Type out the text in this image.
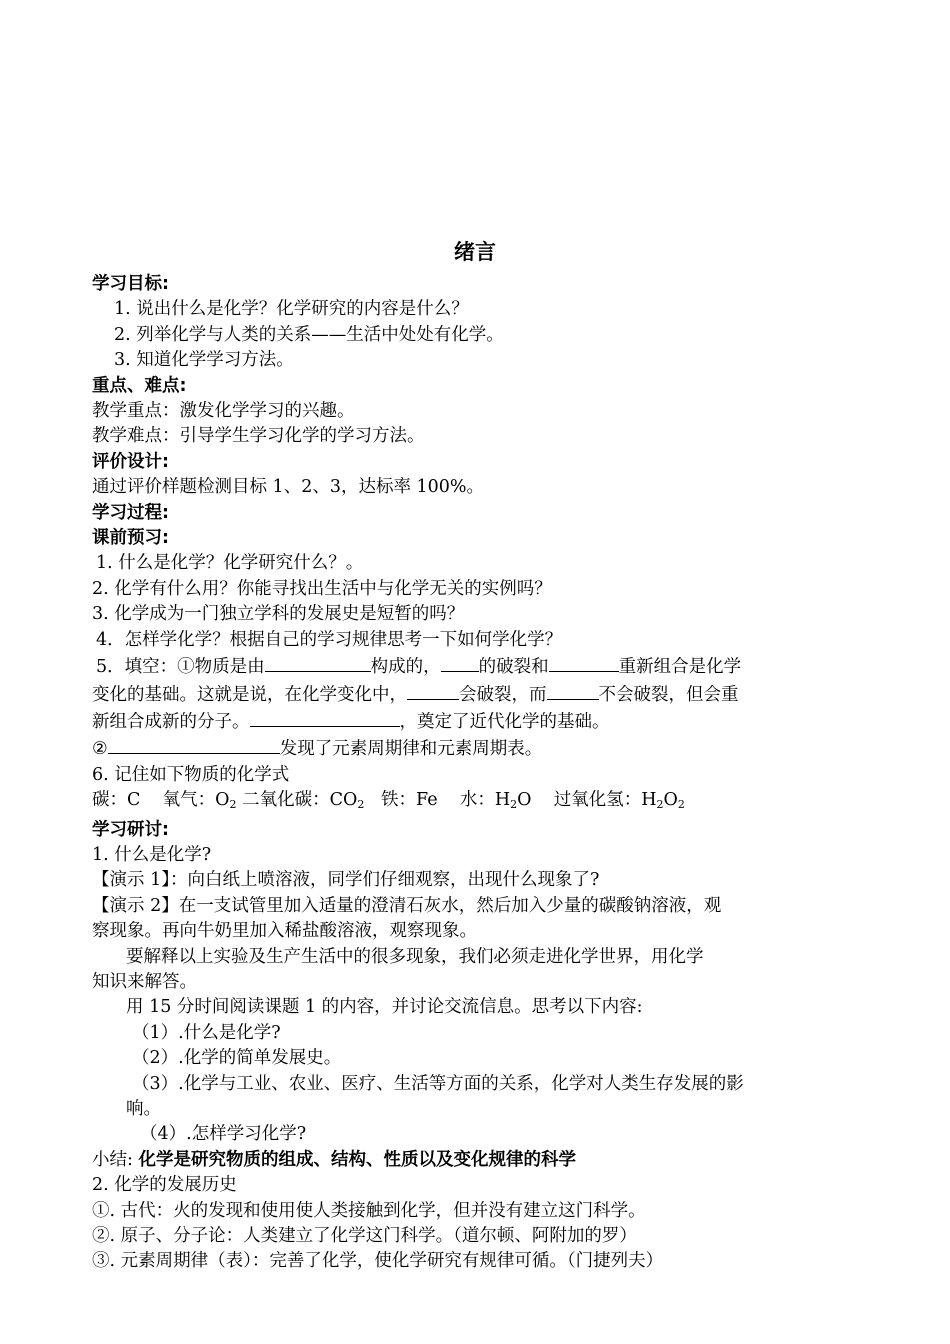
绪言
学习目标:
1. 说出什么是化学？化学研究的内容是什么？
2. 列举化学与人类的关系——生活中处处有化学。
3. 知道化学学习方法。
重点、难点:
教学重点：激发化学学习的兴趣。
教学难点：引导学生学习化学的学习方法。
评价设计:
通过评价样题检测目标 1、2、3，达标率 100%。
学习过程:
课前预习:
1. 什么是化学？化学研究什么？。
2. 化学有什么用？你能寻找出生活中与化学无关的实例吗？
3. 化学成为一门独立学科的发展史是短暂的吗？
4．怎样学化学？根据自己的学习规律思考一下如何学化学？
5．填空：①物质是由	构成的， 的破裂和	重新组合是化学
变化的基础。这就是说，在化学变化中，	会破裂，而	不会破裂，但会重
新组合成新的分子。	，奠定了近代化学的基础。
②	发现了元素周期律和元素周期表。
6. 记住如下物质的化学式
碳：C 氧气：$O_2$ 二氧化碳：$CO_2$ 铁：Fe 水：$H_2O$ 过氧化氢：$H_2O_2$
学习研讨:
1. 什么是化学?
【演示 1】：向白纸上喷溶液，同学们仔细观察，出现什么现象了?
【演示 2】在一支试管里加入适量的澄清石灰水，然后加入少量的碳酸钠溶液，观
察现象。再向牛奶里加入稀盐酸溶液，观察现象。
要解释以上实验及生产生活中的很多现象，我们必须走进化学世界，用化学
知识来解答。
用 15 分时间阅读课题 1 的内容，并讨论交流信息。思考以下内容:
（1）.什么是化学?
（2）.化学的简单发展史。
（3）.化学与工业、农业、医疗、生活等方面的关系，化学对人类生存发展的影
响。
（4）.怎样学习化学?
小结: 化学是研究物质的组成、结构、性质以及变化规律的科学
2. 化学的发展历史
①. 古代：火的发现和使用使人类接触到化学，但并没有建立这门科学。
②. 原子、分子论：人类建立了化学这门科学。（道尔顿、阿附加的罗）
③. 元素周期律（表）：完善了化学，使化学研究有规律可循。（门捷列夫）
